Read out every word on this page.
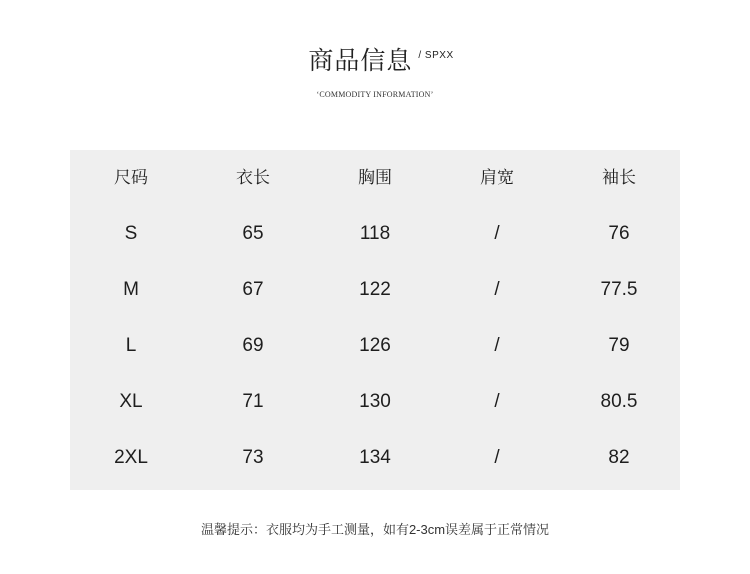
商品信息 / SPXX
‘COMMODITY INFORMATION’
尺码	衣长	胸围	肩宽	袖长
S	65	118	/	76
M	67	122	/	77.5
L	69	126	/	79
XL	71	130	/	80.5
2XL	73	134	/	82
温馨提示：衣服均为手工测量，如有2-3cm误差属于正常情况
